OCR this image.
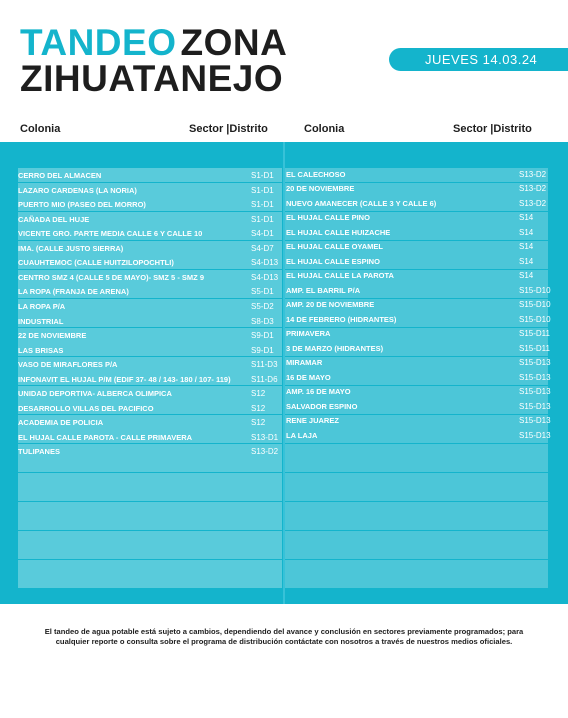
TANDEO ZONA
ZIHUATANEJO	JUEVES 14.03.24
Colonia	Sector |Distrito	Colonia	Sector |Distrito
CERRO DEL ALMACEN	S1-D1
LAZARO CARDENAS (LA NORIA)	S1-D1
PUERTO MIO (PASEO DEL MORRO)	S1-D1
CAÑADA DEL HUJE	S1-D1
VICENTE GRO. PARTE MEDIA CALLE 6 Y CALLE 10	S4-D1
IMA. (CALLE JUSTO SIERRA)	S4-D7
CUAUHTEMOC (CALLE HUITZILOPOCHTLI)	S4-D13
CENTRO SMZ 4 (CALLE 5 DE MAYO)- SMZ 5 - SMZ 9	S4-D13
LA ROPA (FRANJA DE ARENA)	S5-D1
LA ROPA P/A	S5-D2
INDUSTRIAL	S8-D3
22 DE NOVIEMBRE	S9-D1
LAS BRISAS	S9-D1
VASO DE MIRAFLORES P/A	S11-D3
INFONAVIT EL HUJAL P/M (EDIF 37- 48 / 143- 180 / 107- 119)	S11-D6
UNIDAD DEPORTIVA- ALBERCA OLIMPICA	S12
DESARROLLO VILLAS DEL PACIFICO	S12
ACADEMIA DE POLICIA	S12
EL HUJAL CALLE PAROTA - CALLE PRIMAVERA	S13-D1
TULIPANES	S13-D2
EL CALECHOSO	S13-D2
20 DE NOVIEMBRE	S13-D2
NUEVO AMANECER (CALLE 3 Y CALLE 6)	S13-D2
EL HUJAL CALLE PINO	S14
EL HUJAL CALLE HUIZACHE	S14
EL HUJAL CALLE OYAMEL	S14
EL HUJAL CALLE ESPINO	S14
EL HUJAL CALLE LA PAROTA	S14
AMP. EL BARRIL P/A	S15-D10
AMP. 20 DE NOVIEMBRE	S15-D10
14 DE FEBRERO (HIDRANTES)	S15-D10
PRIMAVERA	S15-D11
3 DE MARZO (HIDRANTES)	S15-D11
MIRAMAR	S15-D13
16 DE MAYO	S15-D13
AMP. 16 DE MAYO	S15-D13
SALVADOR ESPINO	S15-D13
RENE JUAREZ	S15-D13
LA LAJA	S15-D13
El tandeo de agua potable está sujeto a cambios, dependiendo del avance y conclusión en sectores previamente programados; para cualquier reporte o consulta sobre el programa de distribución contáctate con nosotros a través de nuestros medios oficiales.
